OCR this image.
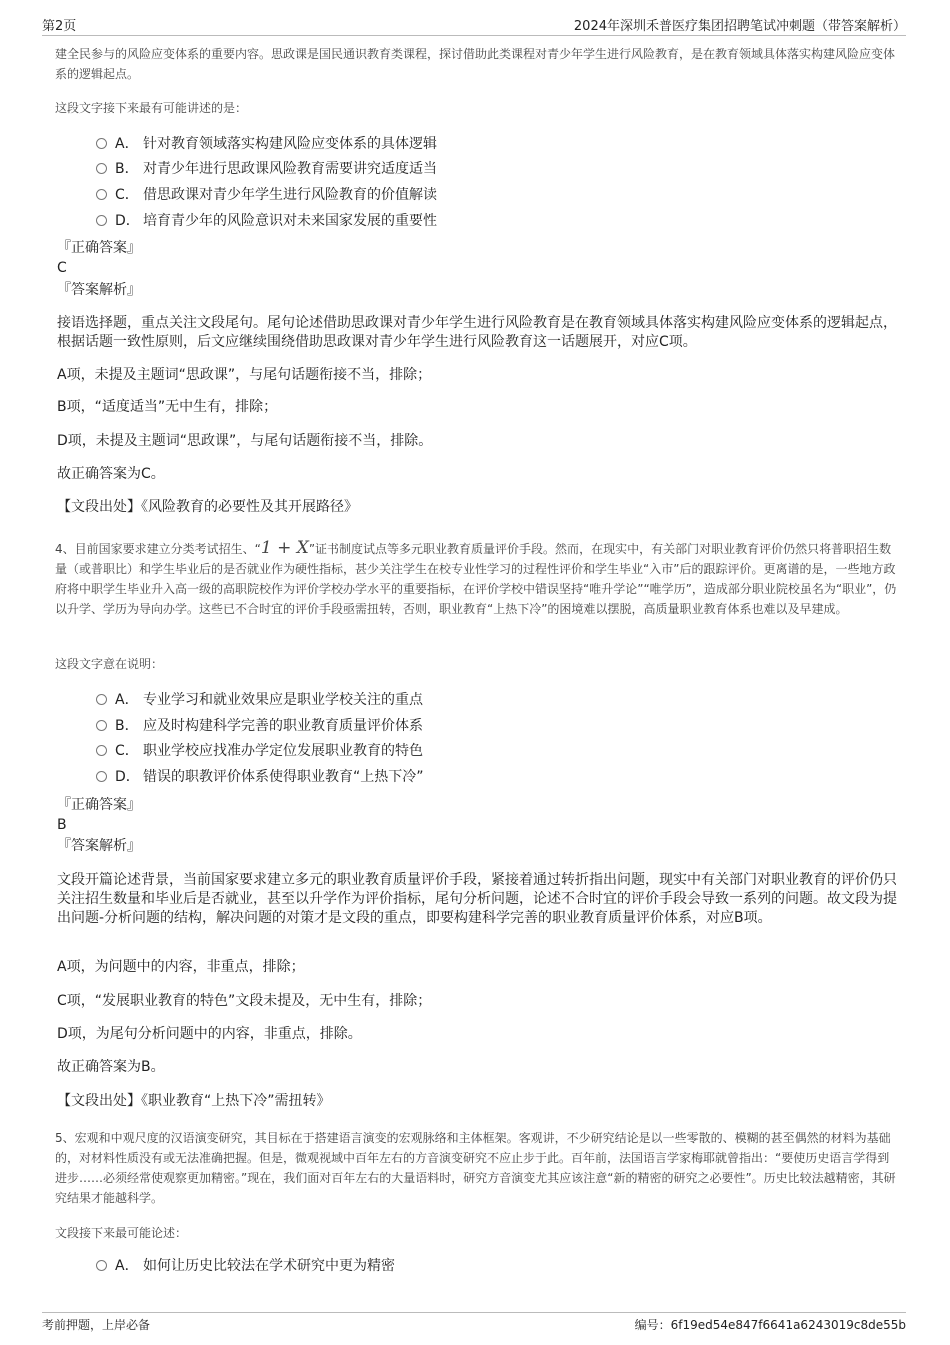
第2页	2024年深圳禾普医疗集团招聘笔试冲刺题（带答案解析）
建全民参与的风险应变体系的重要内容。思政课是国民通识教育类课程，探讨借助此类课程对青少年学生进行风险教育，是在教育领域具体落实构建风险应变体系的逻辑起点。
这段文字接下来最有可能讲述的是：
A． 针对教育领域落实构建风险应变体系的具体逻辑
B． 对青少年进行思政课风险教育需要讲究适度适当
C． 借思政课对青少年学生进行风险教育的价值解读
D． 培育青少年的风险意识对未来国家发展的重要性
『正确答案』
C
『答案解析』
接语选择题，重点关注文段尾句。尾句论述借助思政课对青少年学生进行风险教育是在教育领域具体落实构建风险应变体系的逻辑起点，根据话题一致性原则，后文应继续围绕借助思政课对青少年学生进行风险教育这一话题展开，对应C项。
A项，未提及主题词“思政课”，与尾句话题衔接不当，排除；
B项，“适度适当”无中生有，排除；
D项，未提及主题词“思政课”，与尾句话题衔接不当，排除。
故正确答案为C。
【文段出处】《风险教育的必要性及其开展路径》
4、目前国家要求建立分类考试招生、“1 + X”证书制度试点等多元职业教育质量评价手段。然而，在现实中，有关部门对职业教育评价仍然只将普职招生数量（或普职比）和学生毕业后的是否就业作为硬性指标，甚少关注学生在校专业性学习的过程性评价和学生毕业“入市”后的跟踪评价。更离谱的是，一些地方政府将中职学生毕业升入高一级的高职院校作为评价学校办学水平的重要指标，在评价学校中错误坚持“唯升学论”“唯学历”，造成部分职业院校虽名为“职业”，仍以升学、学历为导向办学。这些已不合时宜的评价手段亟需扭转，否则，职业教育“上热下冷”的困境难以摆脱，高质量职业教育体系也难以及早建成。
这段文字意在说明：
A． 专业学习和就业效果应是职业学校关注的重点
B． 应及时构建科学完善的职业教育质量评价体系
C． 职业学校应找准办学定位发展职业教育的特色
D． 错误的职教评价体系使得职业教育“上热下冷”
『正确答案』
B
『答案解析』
文段开篇论述背景，当前国家要求建立多元的职业教育质量评价手段，紧接着通过转折指出问题，现实中有关部门对职业教育的评价仍只关注招生数量和毕业后是否就业，甚至以升学作为评价指标，尾句分析问题，论述不合时宜的评价手段会导致一系列的问题。故文段为提出问题-分析问题的结构，解决问题的对策才是文段的重点，即要构建科学完善的职业教育质量评价体系，对应B项。
A项，为问题中的内容，非重点，排除；
C项，“发展职业教育的特色”文段未提及，无中生有，排除；
D项，为尾句分析问题中的内容，非重点，排除。
故正确答案为B。
【文段出处】《职业教育“上热下冷”需扭转》
5、宏观和中观尺度的汉语演变研究，其目标在于搭建语言演变的宏观脉络和主体框架。客观讲，不少研究结论是以一些零散的、模糊的甚至偶然的材料为基础的，对材料性质没有或无法准确把握。但是，微观视域中百年左右的方音演变研究不应止步于此。百年前，法国语言学家梅耶就曾指出：“要使历史语言学得到进步……必须经常使观察更加精密。”现在，我们面对百年左右的大量语料时，研究方音演变尤其应该注意“新的精密的研究之必要性”。历史比较法越精密，其研究结果才能越科学。
文段接下来最可能论述：
A． 如何让历史比较法在学术研究中更为精密
考前押题，上岸必备	编号：6f19ed54e847f6641a6243019c8de55b
